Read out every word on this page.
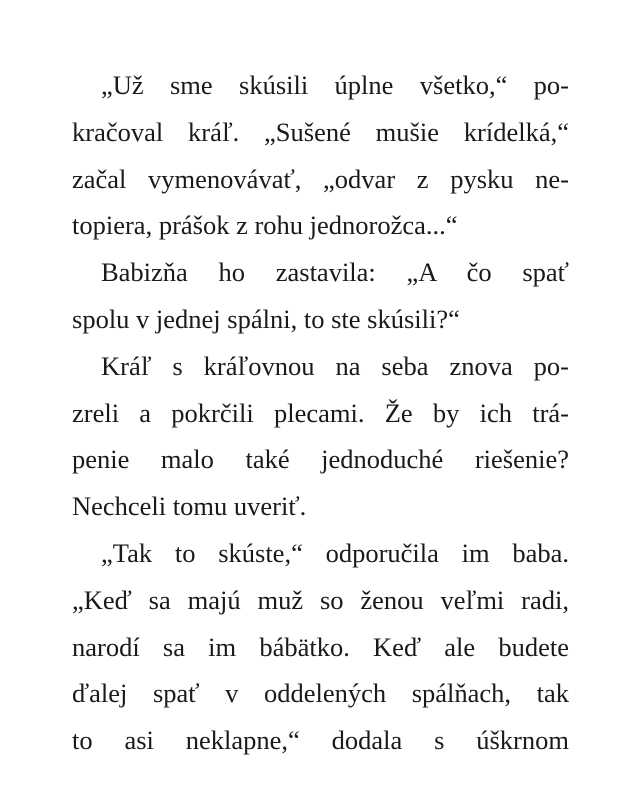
„Už sme skúsili úplne všetko,“ po-
kračoval kráľ. „Sušené mušie krídelká,“
začal vymenovávať, „odvar z pysku ne-
topiera, prášok z rohu jednorožca...“
Babizňa ho zastavila: „A čo spať
spolu v jednej spálni, to ste skúsili?“
Kráľ s kráľovnou na seba znova po-
zreli a pokrčili plecami. Že by ich trá-
penie malo také jednoduché riešenie?
Nechceli tomu uveriť.
„Tak to skúste,“ odporučila im baba.
„Keď sa majú muž so ženou veľmi radi,
narodí sa im bábätko. Keď ale budete
ďalej spať v oddelených spálňach, tak
to asi neklapne,“ dodala s úškrnom
